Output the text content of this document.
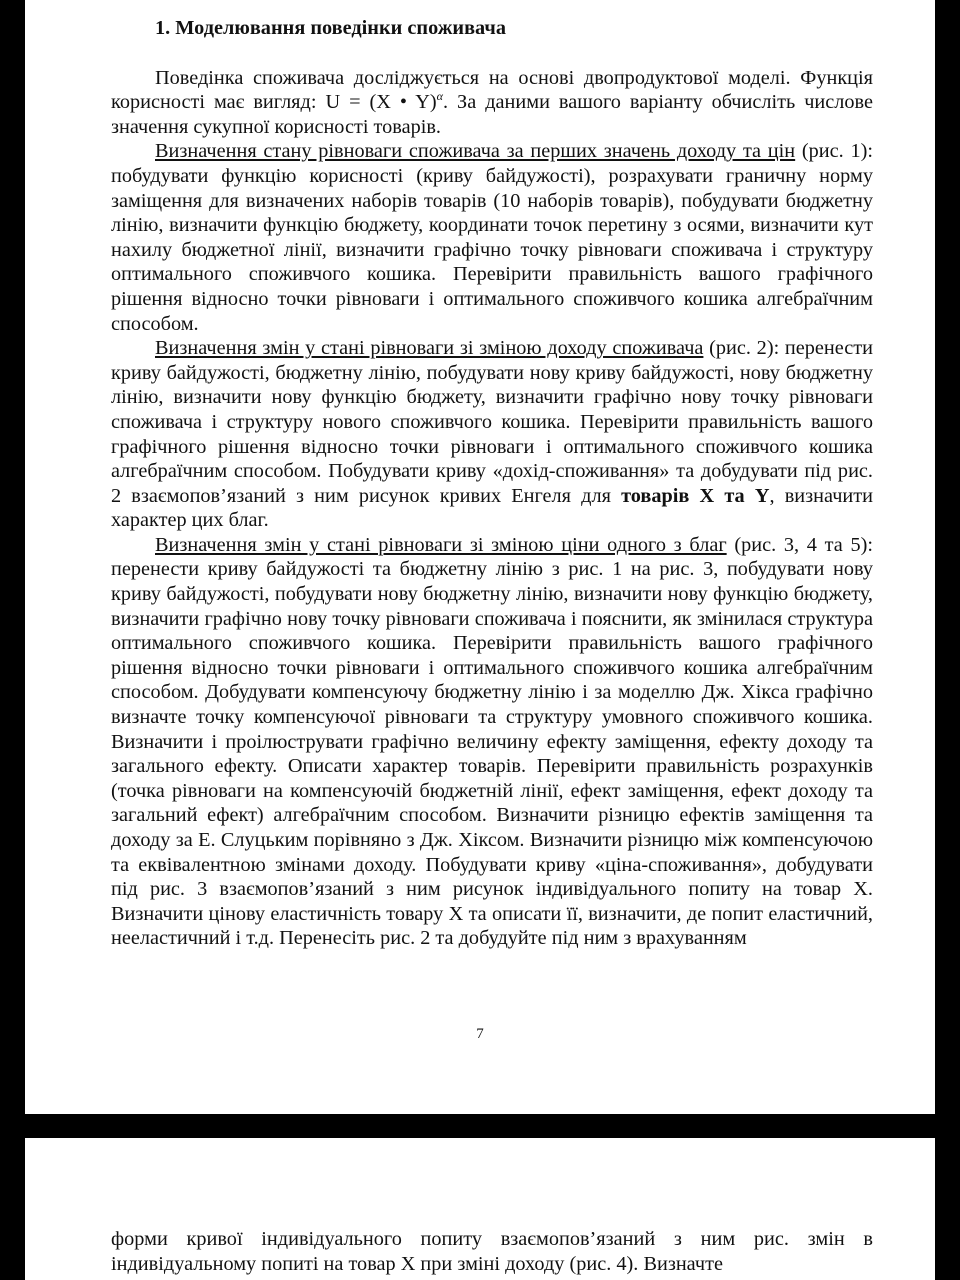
1. Моделювання поведінки споживача

Поведінка споживача досліджується на основі двопродуктової моделі. Функція корисності має вигляд: U = (X • Y)$^\alpha$. За даними вашого варіанту обчисліть числове значення сукупної корисності товарів.

Визначення стану рівноваги споживача за перших значень доходу та цін (рис. 1): побудувати функцію корисності (криву байдужості), розрахувати граничну норму заміщення для визначених наборів товарів (10 наборів товарів), побудувати бюджетну лінію, визначити функцію бюджету, координати точок перетину з осями, визначити кут нахилу бюджетної лінії, визначити графічно точку рівноваги споживача і структуру оптимального споживчого кошика. Перевірити правильність вашого графічного рішення відносно точки рівноваги і оптимального споживчого кошика алгебраїчним способом.

Визначення змін у стані рівноваги зі зміною доходу споживача (рис. 2): перенести криву байдужості, бюджетну лінію, побудувати нову криву байдужості, нову бюджетну лінію, визначити нову функцію бюджету, визначити графічно нову точку рівноваги споживача і структуру нового споживчого кошика. Перевірити правильність вашого графічного рішення відносно точки рівноваги і оптимального споживчого кошика алгебраїчним способом. Побудувати криву «дохід-споживання» та добудувати під рис. 2 взаємопов’язаний з ним рисунок кривих Енгеля для товарів X та Y, визначити характер цих благ.

Визначення змін у стані рівноваги зі зміною ціни одного з благ (рис. 3, 4 та 5): перенести криву байдужості та бюджетну лінію з рис. 1 на рис. 3, побудувати нову криву байдужості, побудувати нову бюджетну лінію, визначити нову функцію бюджету, визначити графічно нову точку рівноваги споживача і пояснити, як змінилася структура оптимального споживчого кошика. Перевірити правильність вашого графічного рішення відносно точки рівноваги і оптимального споживчого кошика алгебраїчним способом. Добудувати компенсуючу бюджетну лінію і за моделлю Дж. Хікса графічно визначте точку компенсуючої рівноваги та структуру умовного споживчого кошика. Визначити і проілюструвати графічно величину ефекту заміщення, ефекту доходу та загального ефекту. Описати характер товарів. Перевірити правильність розрахунків (точка рівноваги на компенсуючій бюджетній лінії, ефект заміщення, ефект доходу та загальний ефект) алгебраїчним способом. Визначити різницю ефектів заміщення та доходу за Е. Слуцьким порівняно з Дж. Хіксом. Визначити різницю між компенсуючою та еквівалентною змінами доходу. Побудувати криву «ціна-споживання», добудувати під рис. 3 взаємопов’язаний з ним рисунок індивідуального попиту на товар X. Визначити цінову еластичність товару X та описати її, визначити, де попит еластичний, нееластичний і т.д. Перенесіть рис. 2 та добудуйте під ним з врахуванням

7

форми кривої індивідуального попиту взаємопов’язаний з ним рис. змін в індивідуальному попиті на товар X при зміні доходу (рис. 4). Визначте
